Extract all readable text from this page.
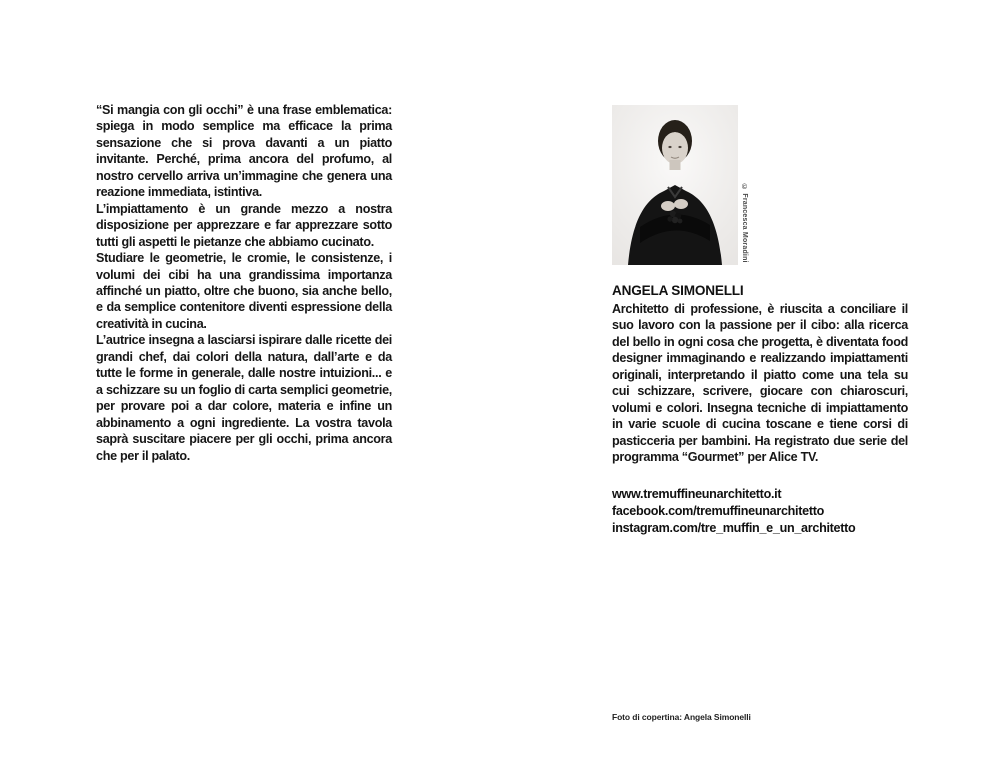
“Si mangia con gli occhi” è una frase emblematica: spiega in modo semplice ma efficace la prima sensazione che si prova davanti a un piatto invitante. Perché, prima ancora del profumo, al nostro cervello arriva un’immagine che genera una reazione immediata, istintiva.

L’impiattamento è un grande mezzo a nostra disposizione per apprezzare e far apprezzare sotto tutti gli aspetti le pietanze che abbiamo cucinato.

Studiare le geometrie, le cromie, le consistenze, i volumi dei cibi ha una grandissima importanza affinché un piatto, oltre che buono, sia anche bello, e da semplice contenitore diventi espressione della creatività in cucina.

L’autrice insegna a lasciarsi ispirare dalle ricette dei grandi chef, dai colori della natura, dall’arte e da tutte le forme in generale, dalle nostre intuizioni... e a schizzare su un foglio di carta semplici geometrie, per provare poi a dar colore, materia e infine un abbinamento a ogni ingrediente. La vostra tavola saprà suscitare piacere per gli occhi, prima ancora che per il palato.

© Francesca Moradini
ANGELA SIMONELLI

Architetto di professione, è riuscita a conciliare il suo lavoro con la passione per il cibo: alla ricerca del bello in ogni cosa che progetta, è diventata food designer immaginando e realizzando impiattamenti originali, interpretando il piatto come una tela su cui schizzare, scrivere, giocare con chiaroscuri, volumi e colori. Insegna tecniche di impiattamento in varie scuole di cucina toscane e tiene corsi di pasticceria per bambini. Ha registrato due serie del programma “Gourmet” per Alice TV.

www.tremuffineunarchitetto.it
facebook.com/tremuffineunarchitetto
instagram.com/tre_muffin_e_un_architetto
Foto di copertina: Angela Simonelli
